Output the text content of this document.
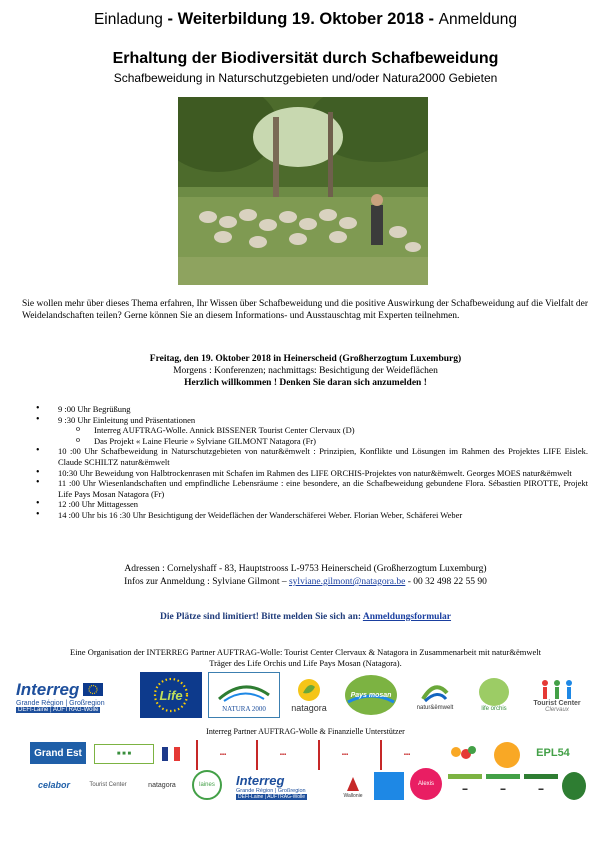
Einladung - Weiterbildung 19. Oktober 2018 - Anmeldung
Erhaltung der Biodiversität durch Schafbeweidung
Schafbeweidung in Naturschutzgebieten und/oder Natura2000 Gebieten
Sie wollen mehr über dieses Thema erfahren, Ihr Wissen über Schafbeweidung und die positive Auswirkung der Schafbeweidung auf die Vielfalt der Weidelandschaften teilen? Gerne können Sie an diesem Informations- und Ausstauschtag mit Experten teilnehmen.
Freitag, den 19. Oktober 2018 in Heinerscheid (Großherzogtum Luxemburg)
Morgens : Konferenzen; nachmittags: Besichtigung der Weideflächen
Herzlich willkommen ! Denken Sie daran sich anzumelden !
• 9 :00 Uhr Begrüßung
• 9 :30 Uhr Einleitung und Präsentationen
o Interreg AUFTRAG-Wolle. Annick BISSENER Tourist Center Clervaux (D)
o Das Projekt « Laine Fleurie » Sylviane GILMONT Natagora (Fr)
• 10 :00 Uhr Schafbeweidung in Naturschutzgebieten von natur&ëmwelt : Prinzipien, Konflikte und Lösungen im Rahmen des Projektes LIFE Eislek. Claude SCHILTZ natur&ëmwelt
• 10:30 Uhr Beweidung von Halbtrockenrasen mit Schafen im Rahmen des LIFE ORCHIS-Projektes von natur&ëmwelt. Georges MOES natur&ëmwelt
• 11 :00 Uhr Wiesenlandschaften und empfindliche Lebensräume : eine besondere, an die Schafbeweidung gebundene Flora. Sébastien PIROTTE, Projekt Life Pays Mosan Natagora (Fr)
• 12 :00 Uhr Mittagessen
• 14 :00 Uhr bis 16 :30 Uhr Besichtigung der Weideflächen der Wanderschäferei Weber. Florian Weber, Schäferei Weber
Adressen : Cornelyshaff - 83, Hauptstrooss L-9753 Heinerscheid (Großherzogtum Luxemburg)
Infos zur Anmeldung : Sylviane Gilmont – sylviane.gilmont@natagora.be - 00 32 498 22 55 90
Die Plätze sind limitiert! Bitte melden Sie sich an: Anmeldungsformular
Eine Organisation der INTERREG Partner AUFTRAG-Wolle: Tourist Center Clervaux & Natagora in Zusammenarbeit mit natur&ëmwelt
Träger des Life Orchis und Life Pays Mosan (Natagora).
Interreg
Grande Région | Großregion
DEFI-Laine | AUFTRAG-Wolle
Life
NATURA 2000	natagora
Pays mosan
natur&ëmwelt	life orchis
Tourist Center
Clervaux
Interreg Partner AUFTRAG-Wolle & Finanzielle Unterstützer
Grand Est	■ ■ ■	▪▪▪	▪▪▪	▪▪▪	▪▪▪	EPL54
celabor	Tourist Center	natagora	laines Interreg
Grande Région | Großregion
DEFI-Laine | AUFTRAG-Wolle	Wallonie
Alexis
▬	▬	▬
